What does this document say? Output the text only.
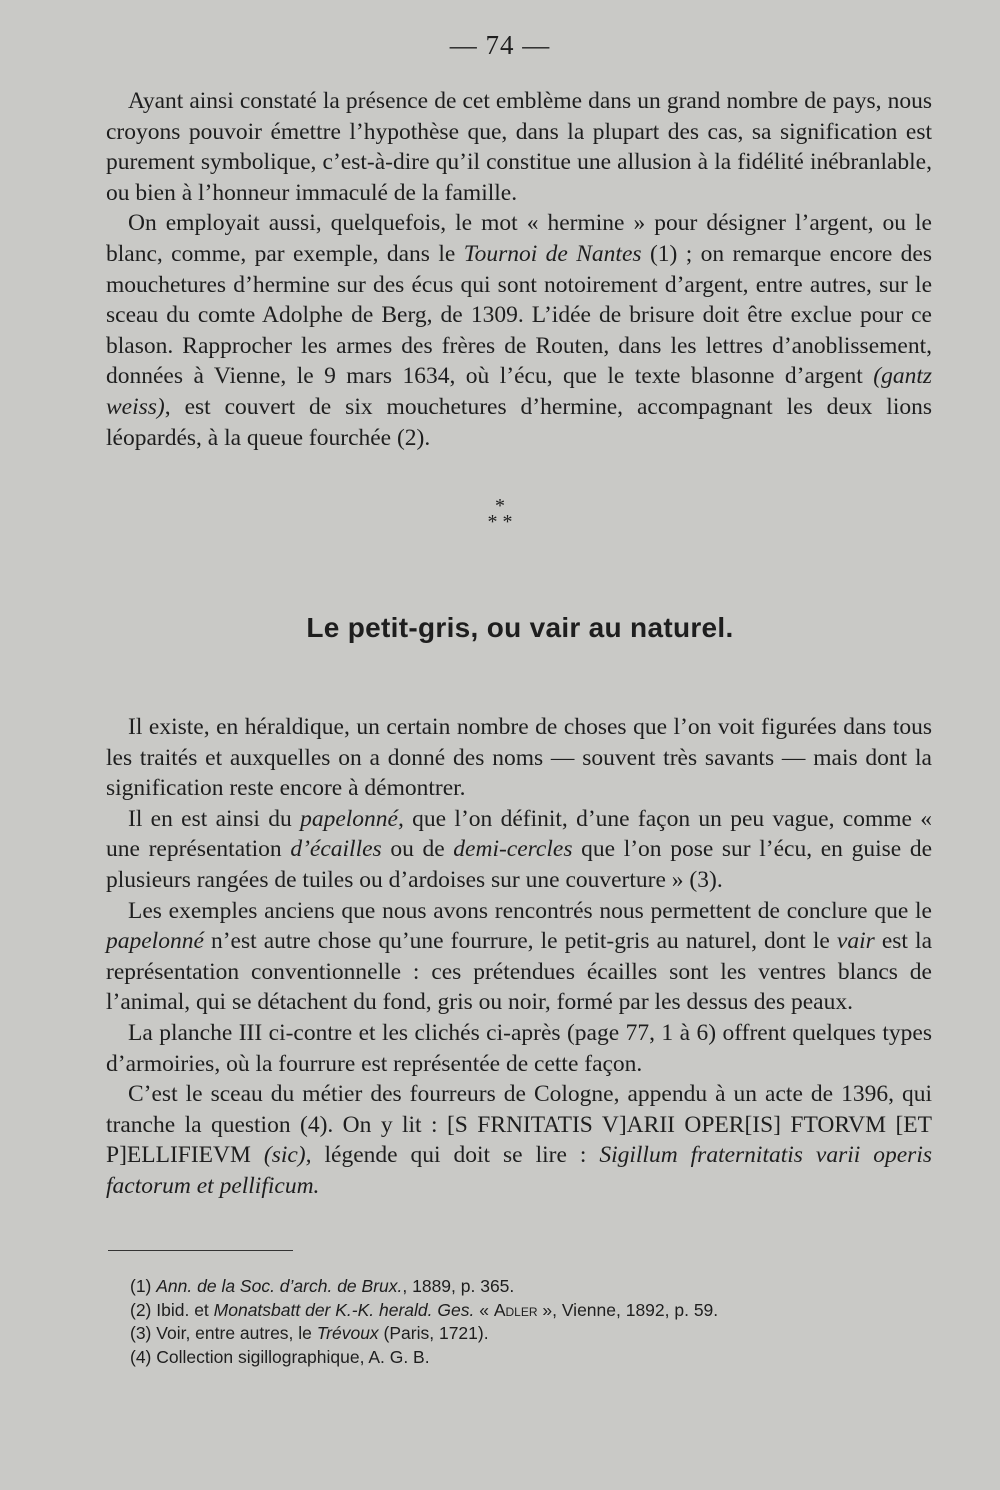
— 74 —

Ayant ainsi constaté la présence de cet emblème dans un grand nombre de pays, nous croyons pouvoir émettre l’hypothèse que, dans la plupart des cas, sa signification est purement symbolique, c’est-à-dire qu’il constitue une allusion à la fidélité inébranlable, ou bien à l’honneur immaculé de la famille.

On employait aussi, quelquefois, le mot « hermine » pour désigner l’argent, ou le blanc, comme, par exemple, dans le Tournoi de Nantes (1) ; on remarque encore des mouchetures d’hermine sur des écus qui sont notoirement d’argent, entre autres, sur le sceau du comte Adolphe de Berg, de 1309. L’idée de brisure doit être exclue pour ce blason. Rapprocher les armes des frères de Routen, dans les lettres d’anoblissement, données à Vienne, le 9 mars 1634, où l’écu, que le texte blasonne d’argent (gantz weiss), est couvert de six mouchetures d’hermine, accompagnant les deux lions léopardés, à la queue fourchée (2).

*
* *
Le petit-gris, ou vair au naturel.

Il existe, en héraldique, un certain nombre de choses que l’on voit figurées dans tous les traités et auxquelles on a donné des noms — souvent très savants — mais dont la signification reste encore à démontrer.

Il en est ainsi du papelonné, que l’on définit, d’une façon un peu vague, comme « une représentation d’écailles ou de demi-cercles que l’on pose sur l’écu, en guise de plusieurs rangées de tuiles ou d’ardoises sur une couverture » (3).

Les exemples anciens que nous avons rencontrés nous permettent de conclure que le papelonné n’est autre chose qu’une fourrure, le petit-gris au naturel, dont le vair est la représentation conventionnelle : ces prétendues écailles sont les ventres blancs de l’animal, qui se détachent du fond, gris ou noir, formé par les dessus des peaux.

La planche III ci-contre et les clichés ci-après (page 77, 1 à 6) offrent quelques types d’armoiries, où la fourrure est représentée de cette façon.

C’est le sceau du métier des fourreurs de Cologne, appendu à un acte de 1396, qui tranche la question (4). On y lit : [S FRNITATIS V]ARII OPER[IS] FTORVM [ET P]ELLIFIEVM (sic), légende qui doit se lire : Sigillum fraternitatis varii operis factorum et pellificum.

(1) Ann. de la Soc. d’arch. de Brux., 1889, p. 365.

(2) Ibid. et Monatsbatt der K.-K. herald. Ges. « Adler », Vienne, 1892, p. 59.

(3) Voir, entre autres, le Trévoux (Paris, 1721).

(4) Collection sigillographique, A. G. B.
